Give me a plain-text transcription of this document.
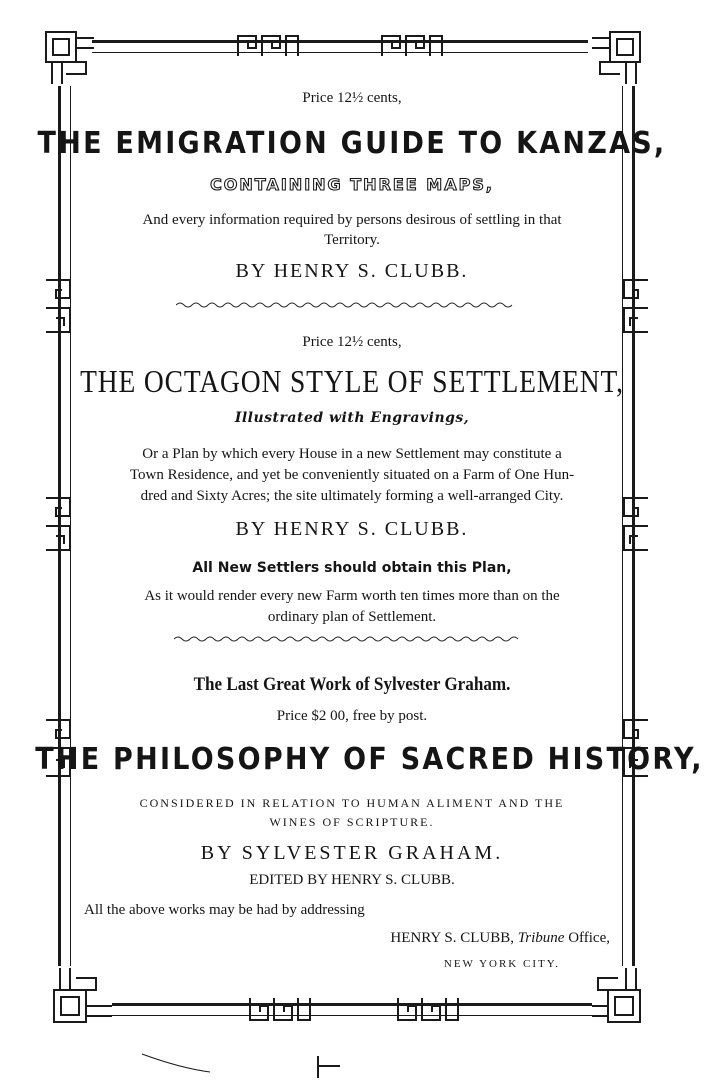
Price 12½ cents,
THE EMIGRATION GUIDE TO KANZAS,
CONTAINING THREE MAPS,
And every information required by persons desirous of settling in that
Territory.
BY HENRY S. CLUBB.
Price 12½ cents,
THE OCTAGON STYLE OF SETTLEMENT,
Illustrated with Engravings,
Or a Plan by which every House in a new Settlement may constitute a
Town Residence, and yet be conveniently situated on a Farm of One Hun-
dred and Sixty Acres; the site ultimately forming a well-arranged City.
BY HENRY S. CLUBB.
All New Settlers should obtain this Plan,
As it would render every new Farm worth ten times more than on the
ordinary plan of Settlement.
The Last Great Work of Sylvester Graham.
Price $2 00, free by post.
THE PHILOSOPHY OF SACRED HISTORY,
CONSIDERED IN RELATION TO HUMAN ALIMENT AND THE
WINES OF SCRIPTURE.
BY SYLVESTER GRAHAM.
EDITED BY HENRY S. CLUBB.
All the above works may be had by addressing
HENRY S. CLUBB, Tribune Office,
NEW YORK CITY.
